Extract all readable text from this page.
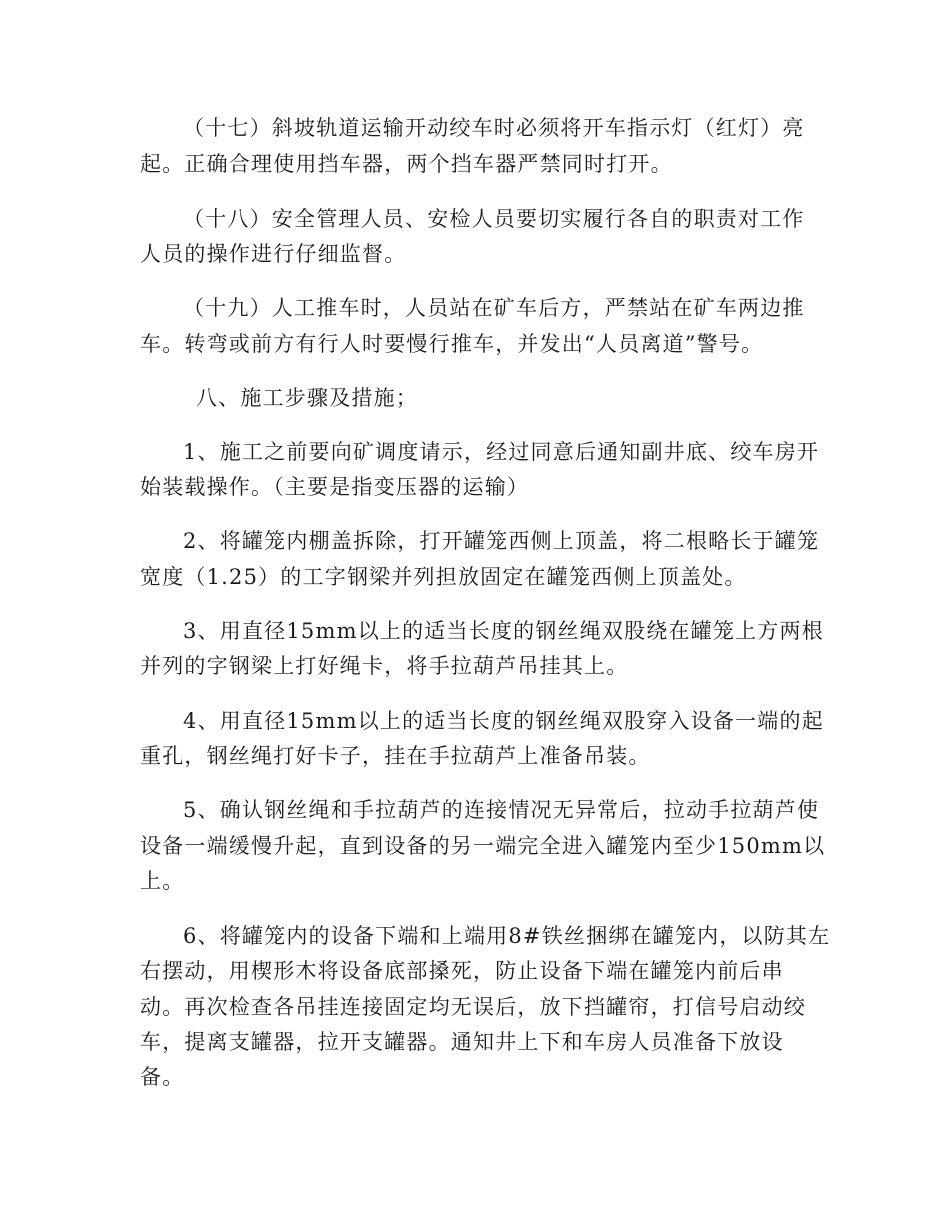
（十七）斜坡轨道运输开动绞车时必须将开车指示灯（红灯）亮
起。正确合理使用挡车器，两个挡车器严禁同时打开。
（十八）安全管理人员、安检人员要切实履行各自的职责对工作
人员的操作进行仔细监督。
（十九）人工推车时，人员站在矿车后方，严禁站在矿车两边推
车。转弯或前方有行人时要慢行推车，并发出“人员离道”警号。
八、施工步骤及措施；
1、施工之前要向矿调度请示，经过同意后通知副井底、绞车房开
始装载操作。（主要是指变压器的运输）
2、将罐笼内棚盖拆除，打开罐笼西侧上顶盖，将二根略长于罐笼
宽度（1.25）的工字钢梁并列担放固定在罐笼西侧上顶盖处。
3、用直径15mm以上的适当长度的钢丝绳双股绕在罐笼上方两根
并列的字钢梁上打好绳卡，将手拉葫芦吊挂其上。
4、用直径15mm以上的适当长度的钢丝绳双股穿入设备一端的起
重孔，钢丝绳打好卡子，挂在手拉葫芦上准备吊装。
5、确认钢丝绳和手拉葫芦的连接情况无异常后，拉动手拉葫芦使
设备一端缓慢升起，直到设备的另一端完全进入罐笼内至少150mm以
上。
6、将罐笼内的设备下端和上端用8#铁丝捆绑在罐笼内，以防其左
右摆动，用楔形木将设备底部搡死，防止设备下端在罐笼内前后串
动。再次检查各吊挂连接固定均无误后，放下挡罐帘，打信号启动绞
车，提离支罐器，拉开支罐器。通知井上下和车房人员准备下放设
备。
